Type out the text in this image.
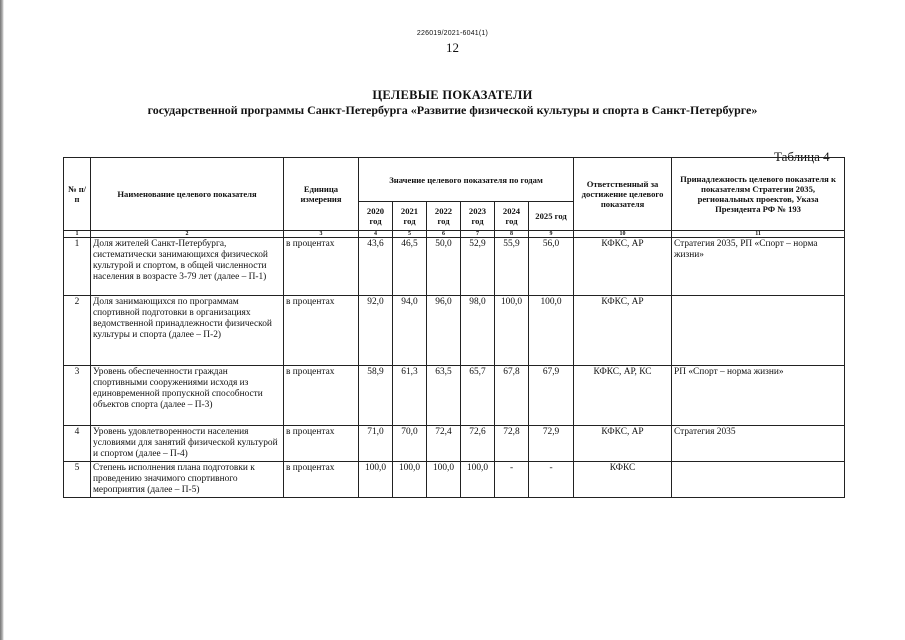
226019/2021-6041(1)
12
ЦЕЛЕВЫЕ ПОКАЗАТЕЛИ
государственной программы Санкт-Петербурга «Развитие физической культуры и спорта в Санкт-Петербурге»
Таблица 4
№ п/п	Наименование целевого показателя	Единица измерения	Значение целевого показателя по годам						Ответственный за достижение целевого показателя	Принадлежность целевого показателя к показателям Стратегии 2035, региональных проектов, Указа Президента РФ № 193
			2020 год	2021 год	2022 год	2023 год	2024 год	2025 год		
1	2	3	4	5	6	7	8	9	10	11
1	Доля жителей Санкт-Петербурга, систематически занимающихся физической культурой и спортом, в общей численности населения в возрасте 3-79 лет (далее – П-1)	в процентах	43,6	46,5	50,0	52,9	55,9	56,0	КФКС, АР	Стратегия 2035, РП «Спорт – норма жизни»
2	Доля занимающихся по программам спортивной подготовки в организациях ведомственной принадлежности физической культуры и спорта (далее – П-2)	в процентах	92,0	94,0	96,0	98,0	100,0	100,0	КФКС, АР	
3	Уровень обеспеченности граждан спортивными сооружениями исходя из единовременной пропускной способности объектов спорта (далее – П-3)	в процентах	58,9	61,3	63,5	65,7	67,8	67,9	КФКС, АР, КС	РП «Спорт – норма жизни»
4	Уровень удовлетворенности населения условиями для занятий физической культурой и спортом (далее – П-4)	в процентах	71,0	70,0	72,4	72,6	72,8	72,9	КФКС, АР	Стратегия 2035
5	Степень исполнения плана подготовки к проведению значимого спортивного мероприятия (далее – П-5)	в процентах	100,0	100,0	100,0	100,0	-	-	КФКС	
